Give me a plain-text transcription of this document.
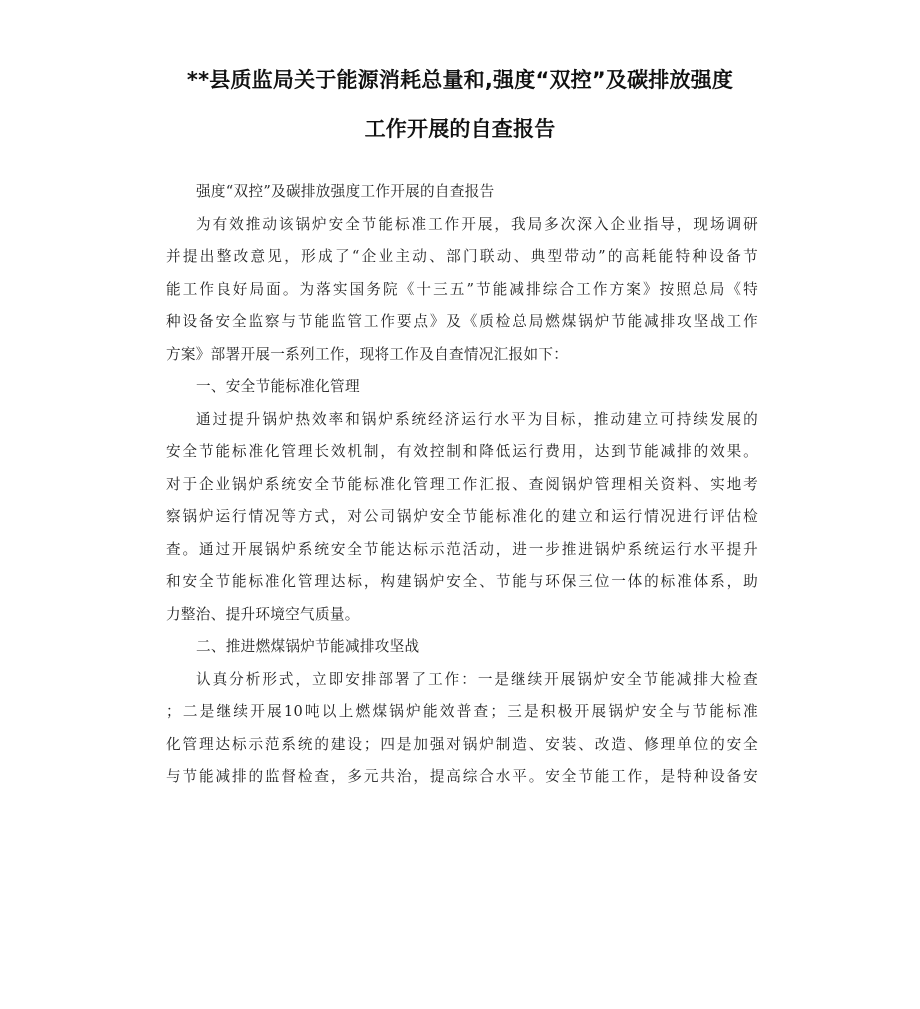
**县质监局关于能源消耗总量和,强度“双控”及碳排放强度
工作开展的自查报告
强度“双控”及碳排放强度工作开展的自查报告
为有效推动该锅炉安全节能标准工作开展，我局多次深入企业指导，现场调研
并提出整改意见，形成了“企业主动、部门联动、典型带动”的高耗能特种设备节
能工作良好局面。为落实国务院《十三五”节能减排综合工作方案》按照总局《特
种设备安全监察与节能监管工作要点》及《质检总局燃煤锅炉节能减排攻坚战工作
方案》部署开展一系列工作，现将工作及自查情况汇报如下：
一、安全节能标准化管理
通过提升锅炉热效率和锅炉系统经济运行水平为目标，推动建立可持续发展的
安全节能标准化管理长效机制，有效控制和降低运行费用，达到节能减排的效果。
对于企业锅炉系统安全节能标准化管理工作汇报、查阅锅炉管理相关资料、实地考
察锅炉运行情况等方式，对公司锅炉安全节能标准化的建立和运行情况进行评估检
查。通过开展锅炉系统安全节能达标示范活动，进一步推进锅炉系统运行水平提升
和安全节能标准化管理达标，构建锅炉安全、节能与环保三位一体的标准体系，助
力整治、提升环境空气质量。
二、推进燃煤锅炉节能减排攻坚战
认真分析形式，立即安排部署了工作：一是继续开展锅炉安全节能减排大检查
；二是继续开展10吨以上燃煤锅炉能效普查；三是积极开展锅炉安全与节能标准
化管理达标示范系统的建设；四是加强对锅炉制造、安装、改造、修理单位的安全
与节能减排的监督检查，多元共治，提高综合水平。安全节能工作，是特种设备安
